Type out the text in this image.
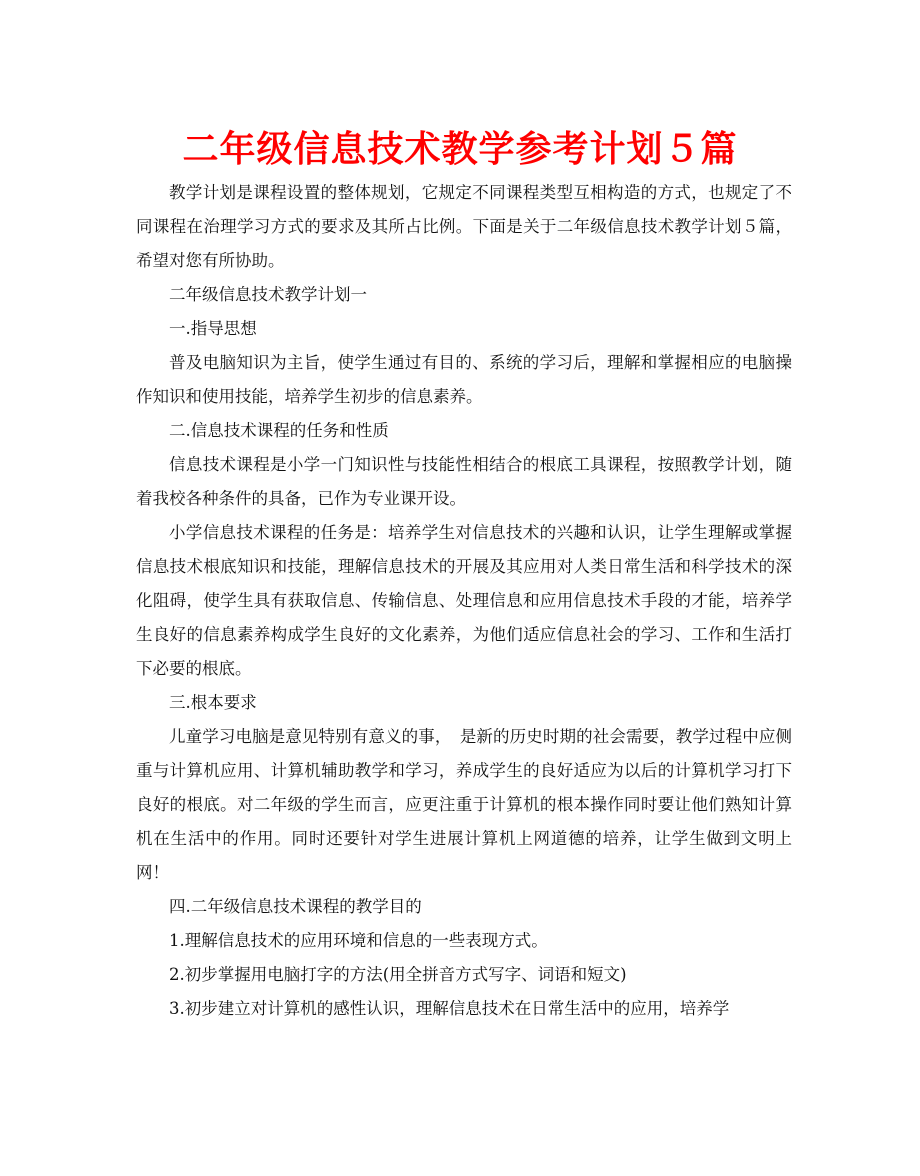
二年级信息技术教学参考计划５篇

教学计划是课程设置的整体规划，它规定不同课程类型互相构造的方式，也规定了不同课程在治理学习方式的要求及其所占比例。下面是关于二年级信息技术教学计划５篇，希望对您有所协助。

二年级信息技术教学计划一

一.指导思想

普及电脑知识为主旨，使学生通过有目的、系统的学习后，理解和掌握相应的电脑操作知识和使用技能，培养学生初步的信息素养。

二.信息技术课程的任务和性质

信息技术课程是小学一门知识性与技能性相结合的根底工具课程，按照教学计划，随着我校各种条件的具备，已作为专业课开设。

小学信息技术课程的任务是：培养学生对信息技术的兴趣和认识，让学生理解或掌握信息技术根底知识和技能，理解信息技术的开展及其应用对人类日常生活和科学技术的深化阻碍，使学生具有获取信息、传输信息、处理信息和应用信息技术手段的才能，培养学生良好的信息素养构成学生良好的文化素养，为他们适应信息社会的学习、工作和生活打下必要的根底。

三.根本要求

儿童学习电脑是意见特别有意义的事，　是新的历史时期的社会需要，教学过程中应侧重与计算机应用、计算机辅助教学和学习，养成学生的良好适应为以后的计算机学习打下良好的根底。对二年级的学生而言，应更注重于计算机的根本操作同时要让他们熟知计算机在生活中的作用。同时还要针对学生进展计算机上网道德的培养，让学生做到文明上网！

四.二年级信息技术课程的教学目的

1.理解信息技术的应用环境和信息的一些表现方式。

2.初步掌握用电脑打字的方法(用全拼音方式写字、词语和短文)

3.初步建立对计算机的感性认识，理解信息技术在日常生活中的应用，培养学
